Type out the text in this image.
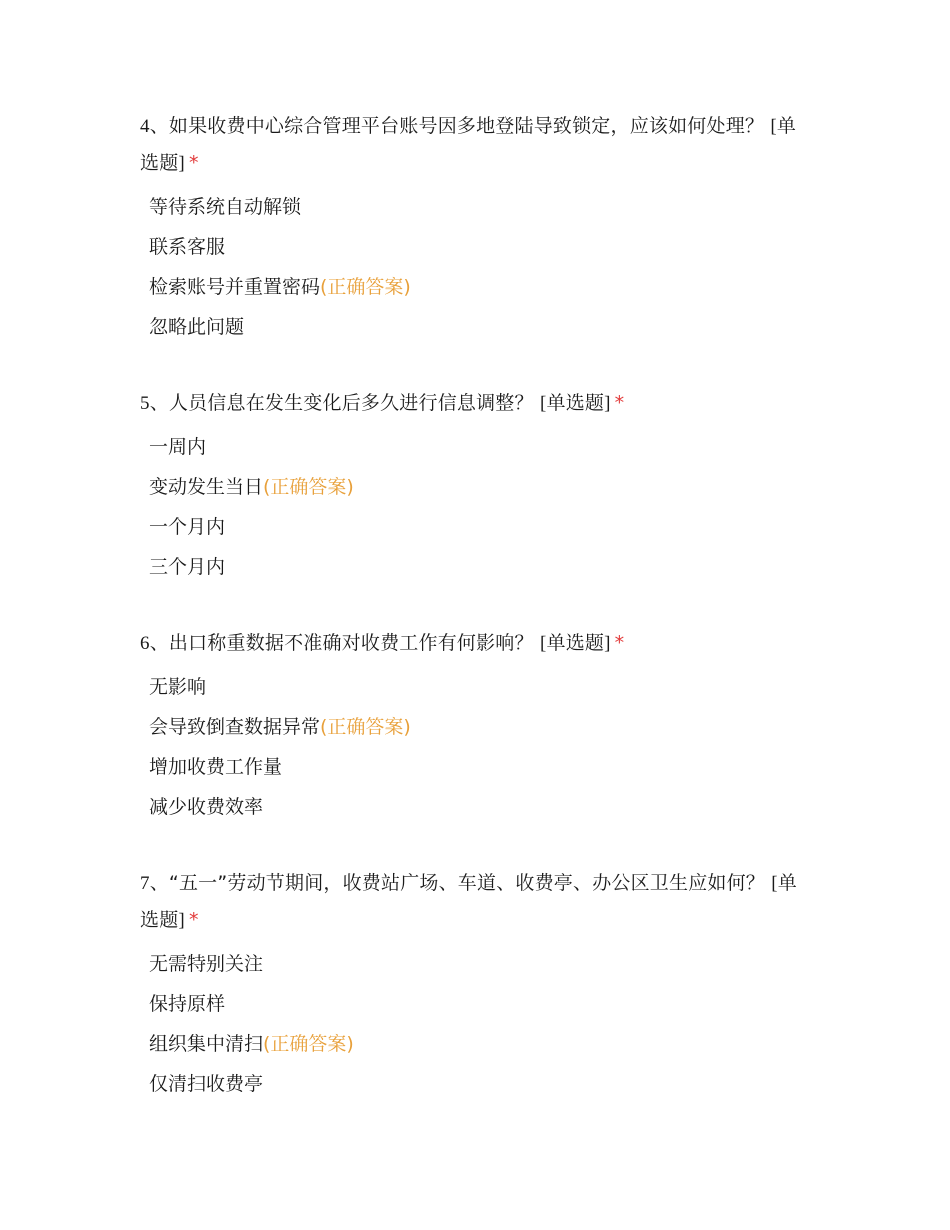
4、如果收费中心综合管理平台账号因多地登陆导致锁定，应该如何处理？ [单选题] *

等待系统自动解锁
联系客服
检索账号并重置密码(正确答案)
忽略此问题

5、人员信息在发生变化后多久进行信息调整？ [单选题] *

一周内
变动发生当日(正确答案)
一个月内
三个月内

6、出口称重数据不准确对收费工作有何影响？ [单选题] *

无影响
会导致倒查数据异常(正确答案)
增加收费工作量
减少收费效率

7、“五一”劳动节期间，收费站广场、车道、收费亭、办公区卫生应如何？ [单选题] *

无需特别关注
保持原样
组织集中清扫(正确答案)
仅清扫收费亭
